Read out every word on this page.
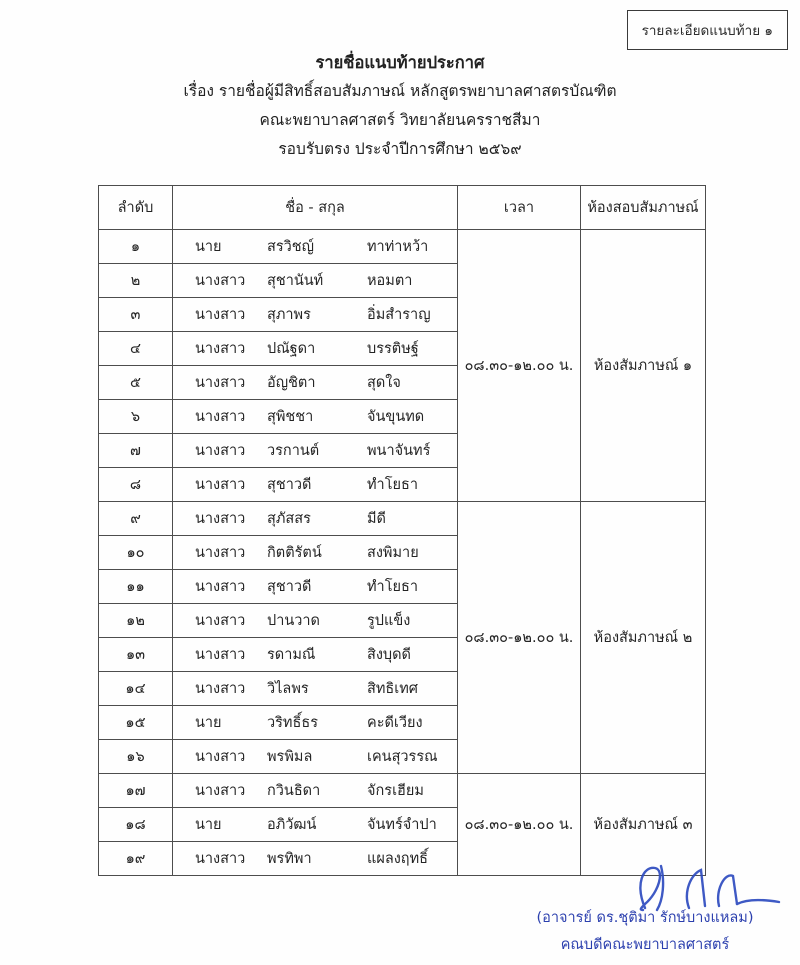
รายละเอียดแนบท้าย ๑
รายชื่อแนบท้ายประกาศ
เรื่อง รายชื่อผู้มีสิทธิ์สอบสัมภาษณ์ หลักสูตรพยาบาลศาสตรบัณฑิต
คณะพยาบาลศาสตร์ วิทยาลัยนครราชสีมา
รอบรับตรง ประจำปีการศึกษา ๒๕๖๙
ลำดับ	ชื่อ - สกุล	เวลา	ห้องสอบสัมภาษณ์
๑	นาย สรวิชญ์ ทาท่าหว้า	๐๘.๓๐-๑๒.๐๐ น.	ห้องสัมภาษณ์ ๑
๒	นางสาว สุชานันท์ หอมตา		

๓	นางสาว สุภาพร อิ่มสำราญ		

๔	นางสาว ปณัฐดา บรรติษฐ์		

๕	นางสาว อัญชิตา สุดใจ		

๖	นางสาว สุพิชชา จันขุนทด		

๗	นางสาว วรกานต์ พนาจันทร์		

๘	นางสาว สุชาวดี ทำโยธา		

๙	นางสาว สุภัสสร มีดี	๐๘.๓๐-๑๒.๐๐ น.	ห้องสัมภาษณ์ ๒
๑๐	นางสาว กิตติรัตน์ สงพิมาย		

๑๑	นางสาว สุชาวดี ทำโยธา		

๑๒	นางสาว ปานวาด รูปแข็ง		

๑๓	นางสาว รดามณี สิงบุดดี		

๑๔	นางสาว วิไลพร สิทธิเทศ		

๑๕	นาย วริทธิ์ธร คะดีเวียง		

๑๖	นางสาว พรพิมล เคนสุวรรณ		

๑๗	นางสาว กวินธิดา จักรเฮียม	๐๘.๓๐-๑๒.๐๐ น.	ห้องสัมภาษณ์ ๓
๑๘	นาย อภิวัฒน์ จันทร์จำปา		

๑๙	นางสาว พรทิพา แผลงฤทธิ์		
(อาจารย์ ดร.ชุติมา รักษ์บางแหลม)
คณบดีคณะพยาบาลศาสตร์
